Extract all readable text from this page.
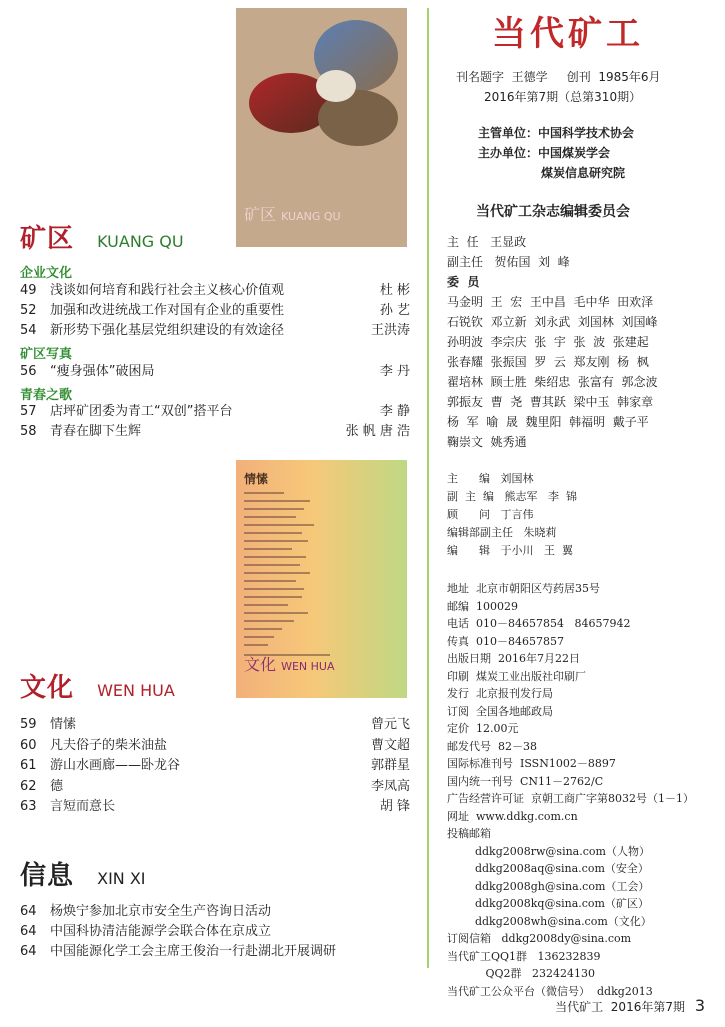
矿区 KUANG QU
矿区 KUANG QU
企业文化
49	浅谈如何培育和践行社会主义核心价值观	杜 彬
52	加强和改进统战工作对国有企业的重要性	孙 艺
54	新形势下强化基层党组织建设的有效途径	王洪涛
矿区写真
56	“瘦身强体”破困局	李 丹
青春之歌
57	店坪矿团委为青工“双创”搭平台	李 静
58	青春在脚下生辉	张 帆 唐 浩
情愫
文化 WEN HUA
文化 WEN HUA
59	情愫	曾元飞
60	凡夫俗子的柴米油盐	曹文超
61	游山水画廊——卧龙谷	郭群星
62	德	李凤高
63	言短而意长	胡 锋
信息 XIN XI
64	杨焕宁参加北京市安全生产咨询日活动
64	中国科协清洁能源学会联合体在京成立
64	中国能源化学工会主席王俊治一行赴湖北开展调研
当代矿工
刊名题字  王德学     创刊  1985年6月
2016年第7期（总第310期）
主管单位：中国科学技术协会
主办单位：中国煤炭学会
煤炭信息研究院
当代矿工杂志编辑委员会
主  任   王显政
副主任   贺佑国  刘  峰
委  员
马金明  王  宏  王中昌  毛中华  田欢泽
石锐钦  邓立新  刘永武  刘国林  刘国峰
孙明波  李宗庆  张  宇  张  波  张建起
张春耀  张振国  罗  云  郑友刚  杨  枫
翟培林  顾士胜  柴绍忠  张富有  郭念波
郭振友  曹  尧  曹其跃  梁中玉  韩家章
杨  军  喻  晟  魏里阳  韩福明  戴子平
鞠崇文  姚秀通
主      编   刘国林
副  主  编   熊志军   李  锦
顾      问   丁言伟
编辑部副主任   朱晓莉
编      辑   于小川   王  翼
地址  北京市朝阳区芍药居35号
邮编  100029
电话  010－84657854   84657942
传真  010－84657857
出版日期  2016年7月22日
印刷  煤炭工业出版社印刷厂
发行  北京报刊发行局
订阅  全国各地邮政局
定价  12.00元
邮发代号  82－38
国际标准刊号  ISSN1002－8897
国内统一刊号  CN11－2762/C
广告经营许可证  京朝工商广字第8032号（1－1）
网址  www.ddkg.com.cn
投稿邮箱
ddkg2008rw@sina.com（人物）
ddkg2008aq@sina.com（安全）
ddkg2008gh@sina.com（工会）
ddkg2008kq@sina.com（矿区）
ddkg2008wh@sina.com（文化）
订阅信箱   ddkg2008dy@sina.com
当代矿工QQ1群   136232839
QQ2群   232424130
当代矿工公众平台（微信号）  ddkg2013
当代矿工  2016年第7期 3
